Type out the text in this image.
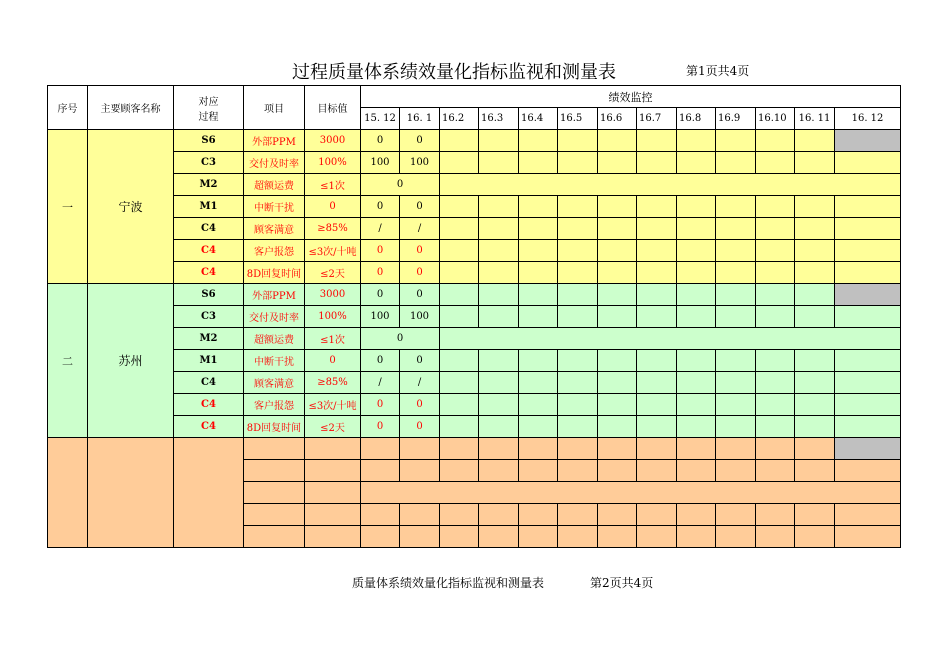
过程质量体系绩效量化指标监视和测量表	第1页共4页
序号	主要顾客名称	对应
过程	项目	目标值	绩效监控												
					15. 12	16. 1	16.2	16.3	16.4	16.5	16.6	16.7	16.8	16.9	16.10	16. 11	16. 12
一	宁波	S6	外部PPM	3000	0	0											
		C3	交付及时率	100%	100	100											
		M2	超额运费	≤1次	0												
		M1	中断干扰	0	0	0											
		C4	顾客满意	≥85%	/	/											
		C4	客户报怨	≤3次/十吨	0	0											
		C4	8D回复时间	≤2天	0	0											
二	苏州	S6	外部PPM	3000	0	0											
		C3	交付及时率	100%	100	100											
		M2	超额运费	≤1次	0												
		M1	中断干扰	0	0	0											
		C4	顾客满意	≥85%	/	/											
		C4	客户报怨	≤3次/十吨	0	0											
		C4	8D回复时间	≤2天	0	0											

质量体系绩效量化指标监视和测量表	第2页共4页
